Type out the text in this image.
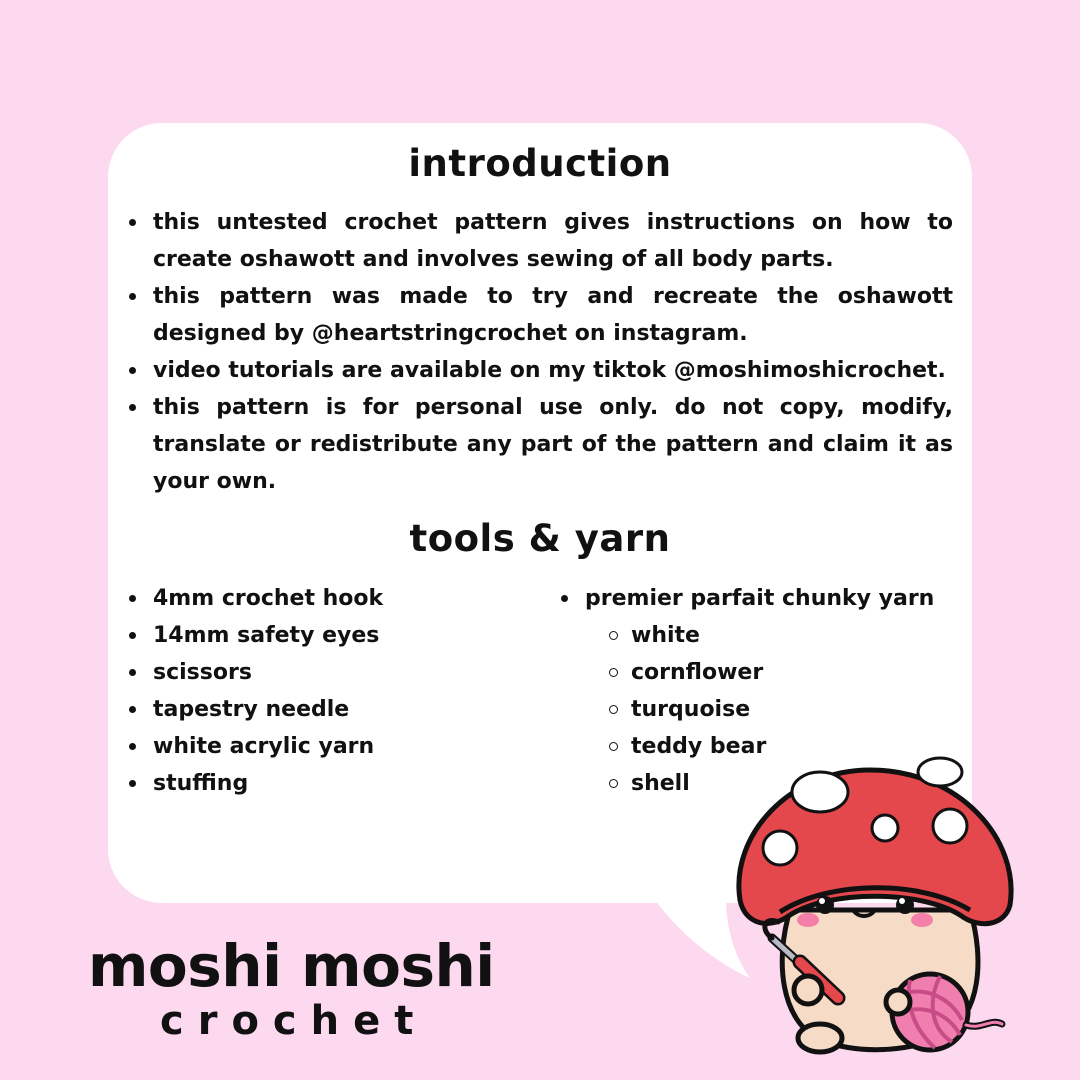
introduction
this untested crochet pattern gives instructions on how to create oshawott and involves sewing of all body parts.
this pattern was made to try and recreate the oshawott designed by @heartstringcrochet on instagram.
video tutorials are available on my tiktok @moshimoshicrochet.
this pattern is for personal use only. do not copy, modify, translate or redistribute any part of the pattern and claim it as your own.
tools & yarn
4mm crochet hook
14mm safety eyes
scissors
tapestry needle
white acrylic yarn
stuffing
premier parfait chunky yarn
white
cornflower
turquoise
teddy bear
shell
moshi moshi
crochet
